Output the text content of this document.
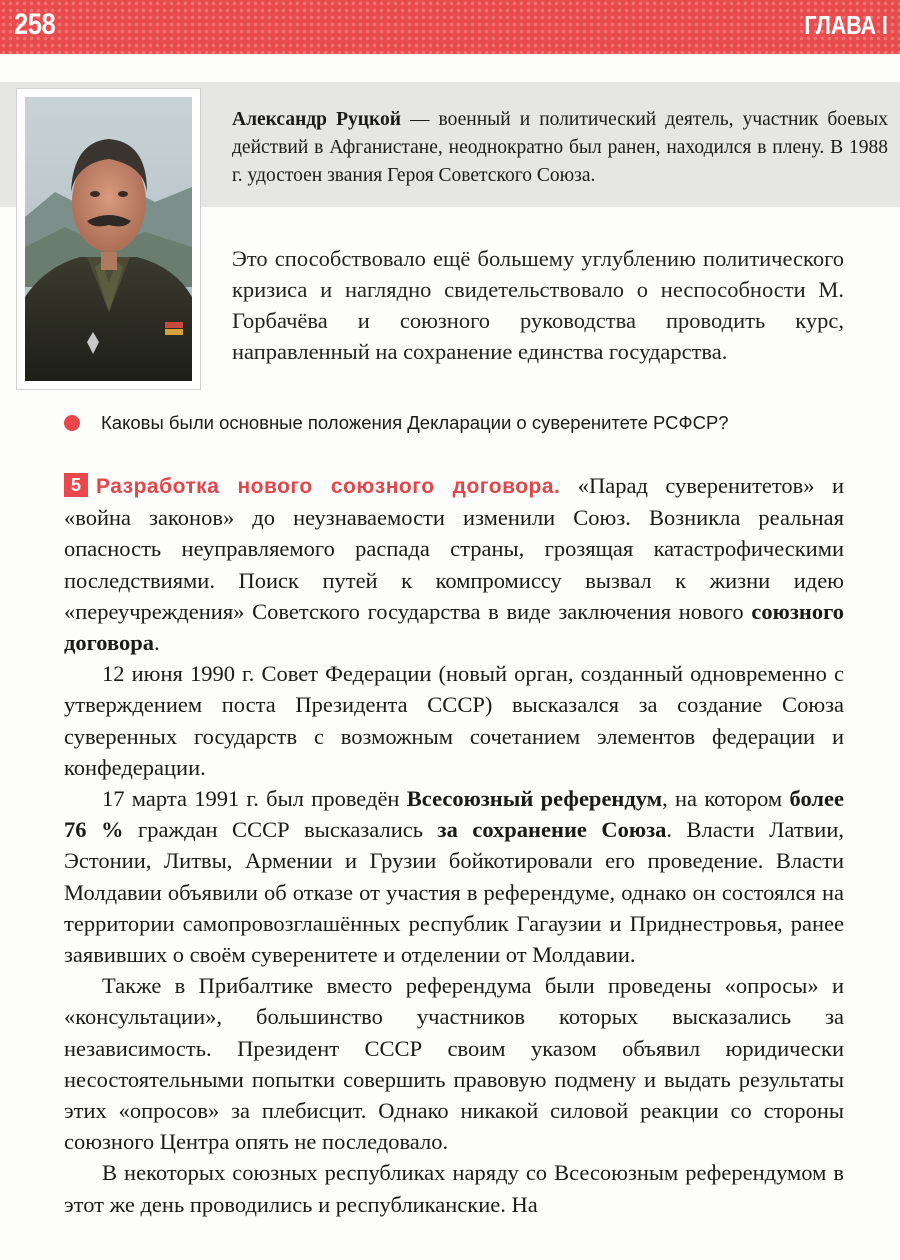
258	ГЛАВА I
Александр Руцкой — военный и политический деятель, участник боевых действий в Афганистане, неоднократно был ранен, находился в плену. В 1988 г. удостоен звания Героя Советского Союза.
Это способствовало ещё большему углублению политического кризиса и наглядно свидетельствовало о неспособности М. Горбачёва и союзного руководства проводить курс, направленный на сохранение единства государства.
Каковы были основные положения Декларации о суверенитете РСФСР?

5 Разработка нового союзного договора. «Парад суверенитетов» и «война законов» до неузнаваемости изменили Союз. Возникла реальная опасность неуправляемого распада страны, грозящая катастрофическими последствиями. Поиск путей к компромиссу вызвал к жизни идею «переучреждения» Советского государства в виде заключения нового союзного договора.

12 июня 1990 г. Совет Федерации (новый орган, созданный одновременно с утверждением поста Президента СССР) высказался за создание Союза суверенных государств с возможным сочетанием элементов федерации и конфедерации.

17 марта 1991 г. был проведён Всесоюзный референдум, на котором более 76 % граждан СССР высказались за сохранение Союза. Власти Латвии, Эстонии, Литвы, Армении и Грузии бойкотировали его проведение. Власти Молдавии объявили об отказе от участия в референдуме, однако он состоялся на территории самопровозглашённых республик Гагаузии и Приднестровья, ранее заявивших о своём суверенитете и отделении от Молдавии.

Также в Прибалтике вместо референдума были проведены «опросы» и «консультации», большинство участников которых высказались за независимость. Президент СССР своим указом объявил юридически несостоятельными попытки совершить правовую подмену и выдать результаты этих «опросов» за плебисцит. Однако никакой силовой реакции со стороны союзного Центра опять не последовало.

В некоторых союзных республиках наряду со Всесоюзным референдумом в этот же день проводились и республиканские. На
